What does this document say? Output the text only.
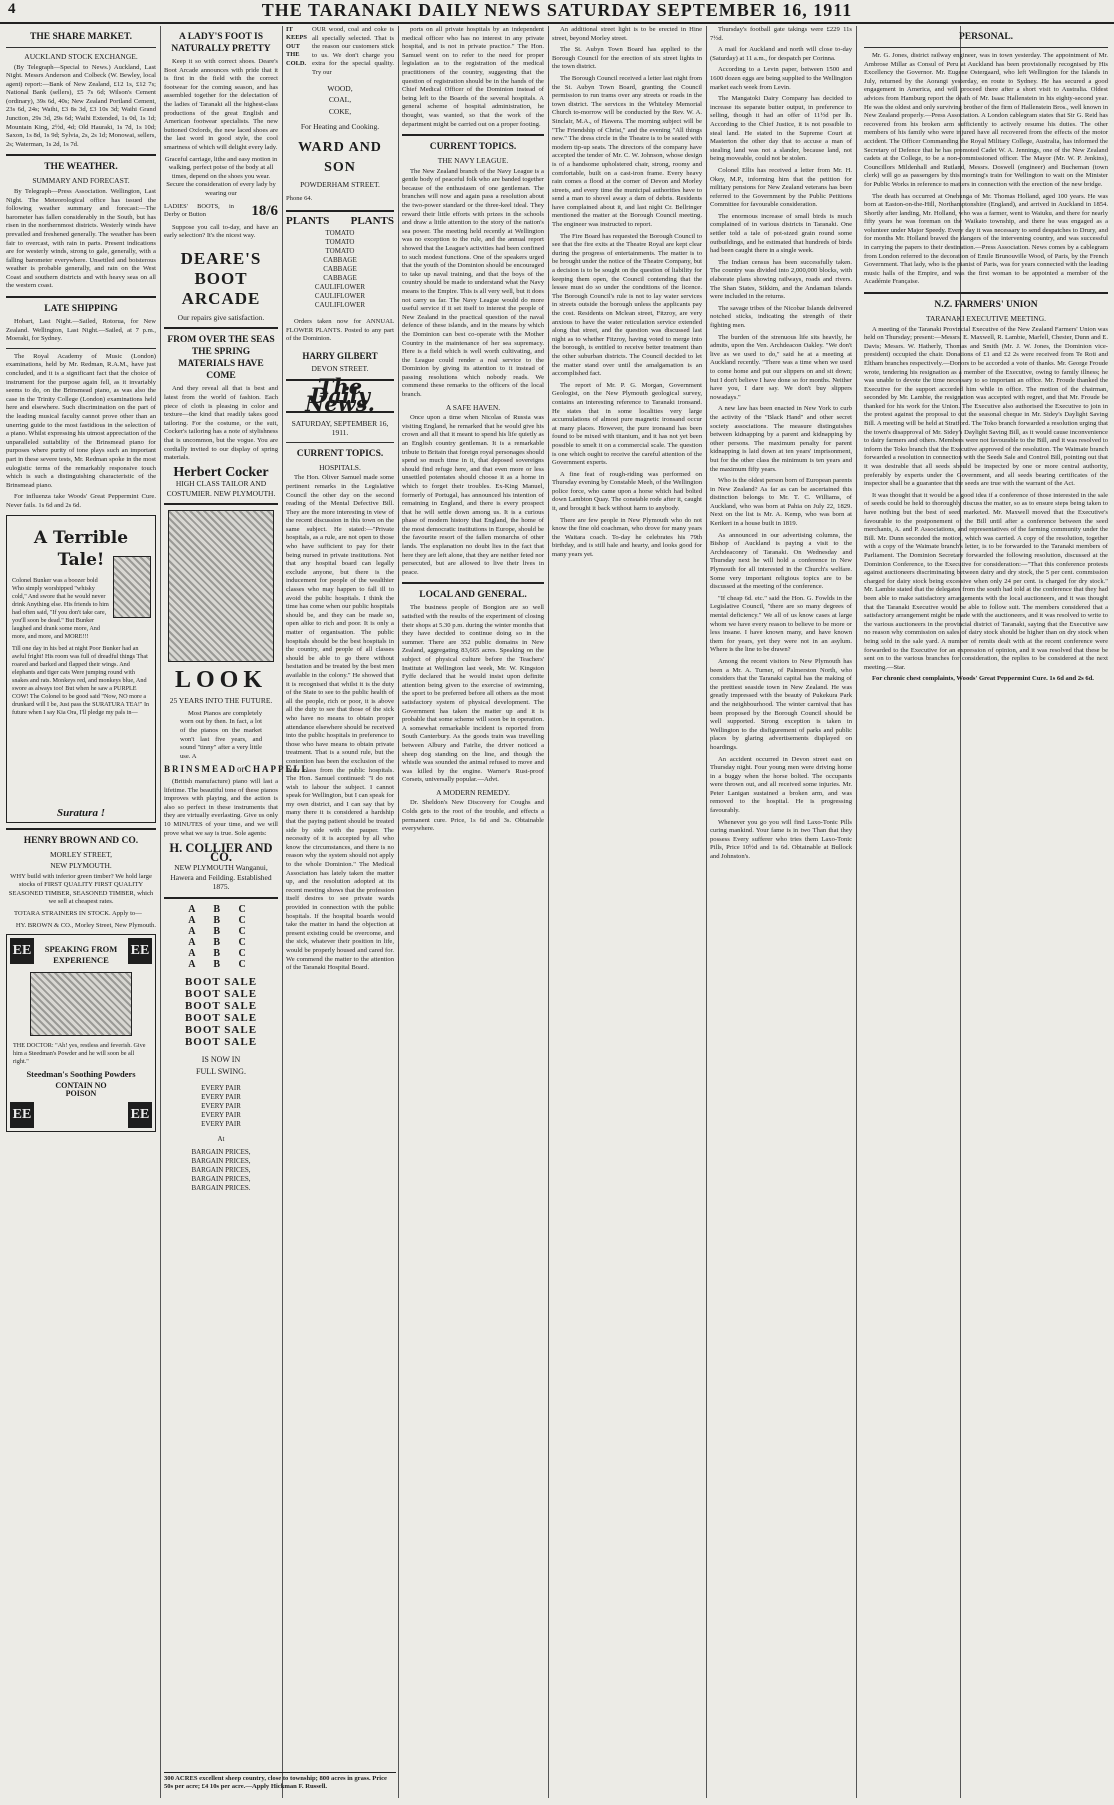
4	THE TARANAKI DAILY NEWS SATURDAY SEPTEMBER 16, 1911
THE SHARE MARKET.
AUCKLAND STOCK EXCHANGE.

(By Telegraph—Special to News.) Auckland, Last Night. Messrs Anderson and Colbeck (W. Bewley, local agent) report:—Bank of New Zealand, £12 1s, £12 7s; National Bank (sellers), £5 7s 6d; Wilson's Cement (ordinary), 39s 6d, 40s; New Zealand Portland Cement, 23s 6d, 24s; Waihi, £3 8s 3d, £3 10s 3d; Waihi Grand Junction, 29s 3d, 29s 6d; Waihi Extended, 1s 0d, 1s 1d; Mountain King, 2½d, 4d; Old Hauraki, 1s 7d, 1s 10d; Saxon, 1s 8d, 1s 9d; Sylvia, 2s, 2s 1d; Monowai, sellers, 2s; Waterman, 1s 2d, 1s 7d.

THE WEATHER.
SUMMARY AND FORECAST.

By Telegraph—Press Association. Wellington, Last Night. The Meteorological office has issued the following weather summary and forecast:—The barometer has fallen considerably in the South, but has risen in the northernmost districts. Westerly winds have prevailed and freshened generally. The weather has been fair to overcast, with rain in parts. Present indications are for westerly winds, strong to gale, generally, with a falling barometer everywhere. Unsettled and boisterous weather is probable generally, and rain on the West Coast and southern districts and with heavy seas on all the western coast.

LATE SHIPPING

Hobart, Last Night.—Sailed, Rotorua, for New Zealand. Wellington, Last Night.—Sailed, at 7 p.m., Moeraki, for Sydney.

The Royal Academy of Music (London) examinations, held by Mr. Redman, R.A.M., have just concluded, and it is a significant fact that the choice of instrument for the purpose again fell, as it invariably seems to do, on the Brinsmead piano, as was also the case in the Trinity College (London) examinations held here and elsewhere. Such discrimination on the part of the leading musical faculty cannot prove other than an unerring guide to the most fastidious in the selection of a piano. Whilst expressing his utmost appreciation of the unparalleled suitability of the Brinsmead piano for purposes where purity of tone plays such an important part in these severe tests, Mr. Redman spoke in the most eulogistic terms of the remarkably responsive touch which is such a distinguishing characteristic of the Brinsmead piano.

For influenza take Woods' Great Peppermint Cure. Never fails. 1s 6d and 2s 6d.

A Terrible Tale!

Colonel Bunker was a boozer bold Who simply worshipped "whisky cold," And swore that he would never drink Anything else. His friends to him had often said, "If you don't take care, you'll soon be dead." But Bunker laughed and drank some more, And more, and more, and MORE!!!

Till one day in his bed at night Poor Bunker had an awful fright! His room was full of dreadful things That roared and barked and flapped their wings. And elephants and tiger cats Were jumping round with snakes and rats. Monkeys red, and monkeys blue, And swore as always too! But when he saw a PURPLE COW! The Colonel to be good said "Now, NO more a drunkard will I be, Just pass the SURATURA TEA!" In future when I say Kia Ora, I'll pledge my pals in—

Suratura !
HENRY BROWN AND CO.
MORLEY STREET,
NEW PLYMOUTH.

WHY build with inferior green timber? We hold large stocks of FIRST QUALITY FIRST QUALITY SEASONED TIMBER, SEASONED TIMBER, which we sell at cheapest rates.

TOTARA STRAINERS IN STOCK. Apply to—

HY. BROWN & CO., Morley Street, New Plymouth.

EE	EE
SPEAKING FROM EXPERIENCE

THE DOCTOR: "Ah! yes, restless and feverish. Give him a Steedman's Powder and he will soon be all right."

Steedman's Soothing Powders
CONTAIN NO POISON
EE	EE
A LADY'S FOOT IS NATURALLY PRETTY

Keep it so with correct shoes. Deare's Boot Arcade announces with pride that it is first in the field with the correct footwear for the coming season, and has assembled together for the delectation of the ladies of Taranaki all the highest-class productions of the great English and American footwear specialists. The new buttoned Oxfords, the new laced shoes are the last word in good style, the cool smartness of which will delight every lady.

Graceful carriage, lithe and easy motion in walking, perfect poise of the body at all times, depend on the shoes you wear. Secure the consideration of every lady by wearing our

LADIES' BOOTS, in Derby or Button	18/6

Suppose you call to-day, and have an early selection? It's the nicest way.

DEARE'S BOOT ARCADE
Our repairs give satisfaction.
FROM OVER THE SEAS THE SPRING MATERIALS HAVE COME

And they reveal all that is best and latest from the world of fashion. Each piece of cloth is pleasing in color and texture—the kind that readily takes good tailoring. For the costume, or the suit, Cocker's tailoring has a note of stylishness that is uncommon, but the vogue. You are cordially invited to our display of spring materials.

Herbert Cocker
HIGH CLASS TAILOR AND COSTUMIER. NEW PLYMOUTH.
LOOK
25 YEARS INTO THE FUTURE.

Most Pianos are completely worn out by then. In fact, a lot of the pianos on the market won't last five years, and sound "tinny" after a very little use. A

BRINSMEAD or CHAPPELL

(British manufacture) piano will last a lifetime. The beautiful tone of these pianos improves with playing, and the action is also so perfect in these instruments that they are virtually everlasting. Give us only 10 MINUTES of your time, and we will prove what we say is true. Sole agents:

H. COLLIER AND CO.
NEW PLYMOUTH Wanganui, Hawera and Feilding. Established 1875.
A B C
A B C
A B C
A B C
A B C
A B C
BOOT SALE
BOOT SALE
BOOT SALE
BOOT SALE
BOOT SALE
BOOT SALE
IS NOW IN FULL SWING.
EVERY PAIR
EVERY PAIR
EVERY PAIR
EVERY PAIR
EVERY PAIR
At
BARGAIN PRICES,
BARGAIN PRICES,
BARGAIN PRICES,
BARGAIN PRICES,
BARGAIN PRICES.
300 ACRES excellent sheep country, close to township; 800 acres in grass. Price 50s per acre; £4 10s per acre.—Apply Hickman F. Russell.
IT KEEPS OUT THE COLD.
OUR wood, coal and coke is all specially selected. That is the reason our customers stick to us. We don't charge you extra for the special quality. Try our
WOOD,
COAL,
COKE,
For Heating and Cooking.
WARD AND SON
POWDERHAM STREET.
Phone 64.
PLANTS PLANTS
TOMATO
TOMATO
TOMATO
CABBAGE
CABBAGE
CABBAGE
CAULIFLOWER
CAULIFLOWER
CAULIFLOWER

Orders taken now for ANNUAL FLOWER PLANTS. Posted to any part of the Dominion.

HARRY GILBERT
DEVON STREET.
The Daily News.
SATURDAY, SEPTEMBER 16, 1911.
CURRENT TOPICS.
HOSPITALS.

The Hon. Oliver Samuel made some pertinent remarks in the Legislative Council the other day on the second reading of the Mental Defective Bill. They are the more interesting in view of the recent discussion in this town on the same subject. He stated:—"Private hospitals, as a rule, are not open to those who have sufficient to pay for their being nursed in private institutions. Not that any hospital board can legally exclude anyone, but there is the inducement for people of the wealthier classes who may happen to fall ill to avoid the public hospitals. I think the time has come when our public hospitals should be, and they can be made so, open alike to rich and poor. It is only a matter of organisation. The public hospitals should be the best hospitals in the country, and people of all classes should be able to go there without hesitation and be treated by the best men available in the colony." He showed that it is recognised that whilst it is the duty of the State to see to the public health of all the people, rich or poor, it is above all the duty to see that those of the sick who have no means to obtain proper attendance elsewhere should be received into the public hospitals in preference to those who have means to obtain private treatment. That is a sound rule, but the contention has been the exclusion of the latter class from the public hospitals. The Hon. Samuel continued: "I do not wish to labour the subject. I cannot speak for Wellington, but I can speak for my own district, and I can say that by many there it is considered a hardship that the paying patient should be treated side by side with the pauper. The necessity of it is accepted by all who know the circumstances, and there is no reason why the system should not apply to the whole Dominion." The Medical Association has lately taken the matter up, and the resolution adopted at its recent meeting shows that the profession itself desires to see private wards provided in connection with the public hospitals. If the hospital boards would take the matter in hand the objection at present existing could be overcome, and the sick, whatever their position in life, would be properly housed and cared for. We commend the matter to the attention of the Taranaki Hospital Board.

ports on all private hospitals by an independent medical officer who has no interest in any private hospital, and is not in private practice." The Hon. Samuel went on to refer to the need for proper legislation as to the registration of the medical practitioners of the country, suggesting that the question of registration should be in the hands of the Chief Medical Officer of the Dominion instead of being left to the Boards of the several hospitals. A general scheme of hospital administration, he thought, was wanted, so that the work of the department might be carried out on a proper footing.

CURRENT TOPICS.
THE NAVY LEAGUE.

The New Zealand branch of the Navy League is a gentle body of peaceful folk who are banded together because of the enthusiasm of one gentleman. The branches will now and again pass a resolution about the two-power standard or the three-keel ideal. They reward their little efforts with prizes in the schools and draw a little attention to the story of the nation's sea power. The meeting held recently at Wellington was no exception to the rule, and the annual report showed that the League's activities had been confined to such modest functions. One of the speakers urged that the youth of the Dominion should be encouraged to take up naval training, and that the boys of the country should be made to understand what the Navy means to the Empire. This is all very well, but it does not carry us far. The Navy League would do more useful service if it set itself to interest the people of New Zealand in the practical question of the naval defence of these islands, and in the means by which the Dominion can best co-operate with the Mother Country in the maintenance of her sea supremacy. Here is a field which is well worth cultivating, and the League could render a real service to the Dominion by giving its attention to it instead of passing resolutions which nobody reads. We commend these remarks to the officers of the local branch.

A SAFE HAVEN.

Once upon a time when Nicolas of Russia was visiting England, he remarked that he would give his crown and all that it meant to spend his life quietly as an English country gentleman. It is a remarkable tribute to Britain that foreign royal personages should spend so much time in it, that deposed sovereigns should find refuge here, and that even more or less unsettled potentates should choose it as a home in which to forget their troubles. Ex-King Manuel, formerly of Portugal, has announced his intention of remaining in England, and there is every prospect that he will settle down among us. It is a curious phase of modern history that England, the home of the most democratic institutions in Europe, should be the favourite resort of the fallen monarchs of other lands. The explanation no doubt lies in the fact that here they are left alone, that they are neither feted nor persecuted, but are allowed to live their lives in peace.

LOCAL AND GENERAL.

The business people of Bongion are so well satisfied with the results of the experiment of closing their shops at 5.30 p.m. during the winter months that they have decided to continue doing so in the summer. There are 352 public domains in New Zealand, aggregating 83,665 acres. Speaking on the subject of physical culture before the Teachers' Institute at Wellington last week, Mr. W. Kingston Fyffe declared that he would insist upon definite attention being given to the exercise of swimming, the sport to be preferred before all others as the most satisfactory system of physical development. The Government has taken the matter up and it is probable that some scheme will soon be in operation. A somewhat remarkable incident is reported from South Canterbury. As the goods train was travelling between Albury and Fairlie, the driver noticed a sheep dog standing on the line, and though the whistle was sounded the animal refused to move and was killed by the engine. Warner's Rust-proof Corsets, universally popular.—Advt.

A MODERN REMEDY.

Dr. Sheldon's New Discovery for Coughs and Colds gets to the root of the trouble, and effects a permanent cure. Price, 1s 6d and 3s. Obtainable everywhere.

An additional street light is to be erected in Hine street, beyond Morley street.

The St. Aubyn Town Board has applied to the Borough Council for the erection of six street lights in the town district.

The Borough Council received a letter last night from the St. Aubyn Town Board, granting the Council permission to run trams over any streets or roads in the town district. The services in the Whiteley Memorial Church to-morrow will be conducted by the Rev. W. A. Sinclair, M.A., of Hawera. The morning subject will be "The Friendship of Christ," and the evening "All things new." The dress circle in the Theatre is to be seated with modern tip-up seats. The directors of the company have accepted the tender of Mr. C. W. Johnson, whose design is of a handsome upholstered chair, strong, roomy and comfortable, built on a cast-iron frame. Every heavy rain comes a flood at the corner of Devon and Morley streets, and every time the municipal authorities have to send a man to shovel away a dam of debris. Residents have complained about it, and last night Cr. Bellringer mentioned the matter at the Borough Council meeting. The engineer was instructed to report.

The Fire Board has requested the Borough Council to see that the fire exits at the Theatre Royal are kept clear during the progress of entertainments. The matter is to be brought under the notice of the Theatre Company, but a decision is to be sought on the question of liability for keeping them open, the Council contending that the lessee must do so under the conditions of the licence. The Borough Council's rule is not to lay water services in streets outside the borough unless the applicants pay the cost. Residents on Mclean street, Fitzroy, are very anxious to have the water reticulation service extended along that street, and the question was discussed last night as to whether Fitzroy, having voted to merge into the borough, is entitled to receive better treatment than the other suburban districts. The Council decided to let the matter stand over until the amalgamation is an accomplished fact.

The report of Mr. P. G. Morgan, Government Geologist, on the New Plymouth geological survey, contains an interesting reference to Taranaki ironsand. He states that in some localities very large accumulations of almost pure magnetic ironsand occur at many places. However, the pure ironsand has been found to be mixed with titanium, and it has not yet been possible to smelt it on a commercial scale. The question is one which ought to receive the careful attention of the Government experts.

A fine feat of rough-riding was performed on Thursday evening by Constable Meeh, of the Wellington police force, who came upon a horse which had bolted down Lambton Quay. The constable rode after it, caught it, and brought it back without harm to anybody.

There are few people in New Plymouth who do not know the fine old coachman, who drove for many years the Waitara coach. To-day he celebrates his 79th birthday, and is still hale and hearty, and looks good for many years yet.

Thursday's football gate takings were £229 11s 7½d.

A mail for Auckland and north will close to-day (Saturday) at 11 a.m., for despatch per Corinna.

According to a Levin paper, between 1500 and 1600 dozen eggs are being supplied to the Wellington market each week from Levin.

The Mangatoki Dairy Company has decided to increase its separate butter output, in preference to selling, though it had an offer of 11½d per lb. According to the Chief Justice, it is not possible to steal land. He stated in the Supreme Court at Masterton the other day that to accuse a man of stealing land was not a slander, because land, not being moveable, could not be stolen.

Colonel Ellis has received a letter from Mr. H. Okey, M.P., informing him that the petition for military pensions for New Zealand veterans has been referred to the Government by the Public Petitions Committee for favourable consideration.

The enormous increase of small birds is much complained of in various districts in Taranaki. One settler told a tale of pot-sized grain round some outbuildings, and he estimated that hundreds of birds had been caught there in a single week.

The Indian census has been successfully taken. The country was divided into 2,000,000 blocks, with elaborate plans showing railways, roads and rivers. The Shan States, Sikkim, and the Andaman Islands were included in the returns.

The savage tribes of the Nicobar Islands delivered notched sticks, indicating the strength of their fighting men.

The burden of the strenuous life sits heavily, he admits, upon the Ven. Archdeacon Oakley. "We don't live as we used to do," said he at a meeting at Auckland recently. "There was a time when we used to come home and put our slippers on and sit down; but I don't believe I have done so for months. Neither have you, I dare say. We don't buy slippers nowadays."

A new law has been enacted in New York to curb the activity of the "Black Hand" and other secret society associations. The measure distinguishes between kidnapping by a parent and kidnapping by other persons. The maximum penalty for parent kidnapping is laid down at ten years' imprisonment, but for the other class the minimum is ten years and the maximum fifty years.

Who is the oldest person born of European parents in New Zealand? As far as can be ascertained this distinction belongs to Mr. T. C. Williams, of Auckland, who was born at Pahia on July 22, 1829. Next on the list is Mr. A. Kemp, who was born at Kerikeri in a house built in 1819.

As announced in our advertising columns, the Bishop of Auckland is paying a visit to the Archdeaconry of Taranaki. On Wednesday and Thursday next he will hold a conference in New Plymouth for all interested in the Church's welfare. Some very important religious topics are to be discussed at the meeting of the conference.

"If cheap 6d. etc." said the Hon. G. Fowlds in the Legislative Council, "there are so many degrees of mental deficiency." We all of us know cases at large whom we have every reason to believe to be more or less insane. I have known many, and have known them for years, yet they were not in an asylum. Where is the line to be drawn?

Among the recent visitors to New Plymouth has been a Mr. A. Turner, of Palmerston North, who considers that the Taranaki capital has the making of the prettiest seaside town in New Zealand. He was greatly impressed with the beauty of Pukekura Park and the neighbourhood. The winter carnival that has been proposed by the Borough Council should be well supported. Strong exception is taken in Wellington to the disfigurement of parks and public places by glaring advertisements displayed on hoardings.

An accident occurred in Devon street east on Thursday night. Four young men were driving home in a buggy when the horse bolted. The occupants were thrown out, and all received some injuries. Mr. Peter Lanigan sustained a broken arm, and was removed to the hospital. He is progressing favourably.

Whenever you go you will find Laxo-Tonic Pills curing mankind. Your fame is in two Than that they possess Every sufferer who tries them Laxo-Tonic Pills, Price 10½d and 1s 6d. Obtainable at Bullock and Johnston's.

PERSONAL.

Mr. G. Jones, district railway engineer, was in town yesterday. The appointment of Mr. Ambrose Millar as Consul of Peru at Auckland has been provisionally recognised by His Excellency the Governor. Mr. Eugene Ostergaard, who left Wellington for the Islands in July, returned by the Aorangi yesterday, en route to Sydney. He has secured a good engagement in America, and will proceed there after a short visit to Australia. Oldest advices from Hamburg report the death of Mr. Isaac Hallenstein in his eighty-second year. He was the oldest and only surviving brother of the firm of Hallenstein Bros., well known in New Zealand properly.—Press Association. A London cablegram states that Sir G. Reid has recovered from his broken arm sufficiently to actively resume his duties. The other members of his family who were injured have all recovered from the effects of the motor accident. The Officer Commanding the Royal Military College, Australia, has informed the Secretary of Defence that he has promoted Cadet W. A. Jennings, one of the New Zealand cadets at the College, to be a non-commissioned officer. The Mayor (Mr. W. P. Jenkins), Councillors Mildenhall and Rutland, Messrs. Doswell (engineer) and Bucheman (town clerk) will go as passengers by this morning's train for Wellington to wait on the Minister for Public Works in reference to matters in connection with the erection of the new bridge.

The death has occurred at Onehunga of Mr. Thomas Holland, aged 100 years. He was born at Easton-on-the-Hill, Northamptonshire (England), and arrived in Auckland in 1854. Shortly after landing, Mr. Holland, who was a farmer, went to Waiuku, and there for nearly fifty years he was foreman on the Waikato township, and there he was engaged as a volunteer under Major Speedy. Every day it was necessary to send despatches to Drury, and for months Mr. Holland braved the dangers of the intervening country, and was successful in carrying the papers to their destination.—Press Association. News comes by a cablegram from London referred to the decoration of Emile Brunouville Wood, of Paris, by the French Government. That lady, who is the pianist of Paris, was for years connected with the leading music halls of the Empire, and was the first woman to be appointed a member of the Académie Française.

N.Z. FARMERS' UNION
TARANAKI EXECUTIVE MEETING.

A meeting of the Taranaki Provincial Executive of the New Zealand Farmers' Union was held on Thursday; present:—Messrs. E. Maxwell, R. Lambie, Marfell, Chester, Dunn and E. Davis; Messrs. W. Hatherly, Thomas and Smith (Mr. J. W. Jones, the Dominion vice-president) occupied the chair. Donations of £1 and £2 2s were received from Te Roti and Eltham branches respectively.—Donors to be accorded a vote of thanks. Mr. George Froude wrote, tendering his resignation as a member of the Executive, owing to family illness; he was unable to devote the time necessary to so important an office. Mr. Froude thanked the Executive for the support accorded him while in office. The motion of the chairman, seconded by Mr. Lambie, the resignation was accepted with regret, and that Mr. Froude be thanked for his work for the Union. The Executive also authorised the Executive to join in the protest against the proposal to cut the seasonal cheque in Mr. Sidey's Daylight Saving Bill. A meeting will be held at Stratford. The Toko branch forwarded a resolution urging that the town's disapproval of Mr. Sidey's Daylight Saving Bill, as it would cause inconvenience to dairy farmers and others. Members were not favourable to the Bill, and it was resolved to inform the Toko branch that the Executive approved of the resolution. The Waimate branch forwarded a resolution in connection with the Seeds Sale and Control Bill, pointing out that it was desirable that all seeds should be inspected by one or more central authority, preferably by experts under the Government, and all seeds bearing certificates of the inspector shall be a guarantee that the seeds are true with the warrant of the Act.

It was thought that it would be a good idea if a conference of those interested in the sale of seeds could be held to thoroughly discuss the matter, so as to ensure steps being taken to have nothing but the best of seed marketed. Mr. Maxwell moved that the Executive's favourable to the postponement of the Bill until after a conference between the seed merchants, A. and P. Associations, and representatives of the farming community under the Bill. Mr. Dunn seconded the motion, which was carried. A copy of the resolution, together with a copy of the Waimate branch's letter, is to be forwarded to the Taranaki members of Parliament. The Dominion Secretary forwarded the following resolution, discussed at the Dominion Conference, to the Executive for consideration:—"That this conference protests against auctioneers discriminating between dairy and dry stock, the 5 per cent. commission charged for dairy stock being excessive when only 24 per cent. is charged for dry stock." Mr. Lambie stated that the delegates from the south had told at the conference that they had been able to make satisfactory arrangements with the local auctioneers, and it was thought that the Taranaki Executive would be able to follow suit. The members considered that a satisfactory arrangement might be made with the auctioneers, and it was resolved to write to the various auctioneers in the provincial district of Taranaki, saying that the Executive saw no reason why commission on sales of dairy stock should be higher than on dry stock when being sold in the sale yard. A number of remits dealt with at the recent conference were forwarded to the Executive for an expression of opinion, and it was resolved that these be sent on to the various branches for consideration, the replies to be considered at the next meeting.—Star.

For chronic chest complaints, Woods' Great Peppermint Cure. 1s 6d and 2s 6d.
